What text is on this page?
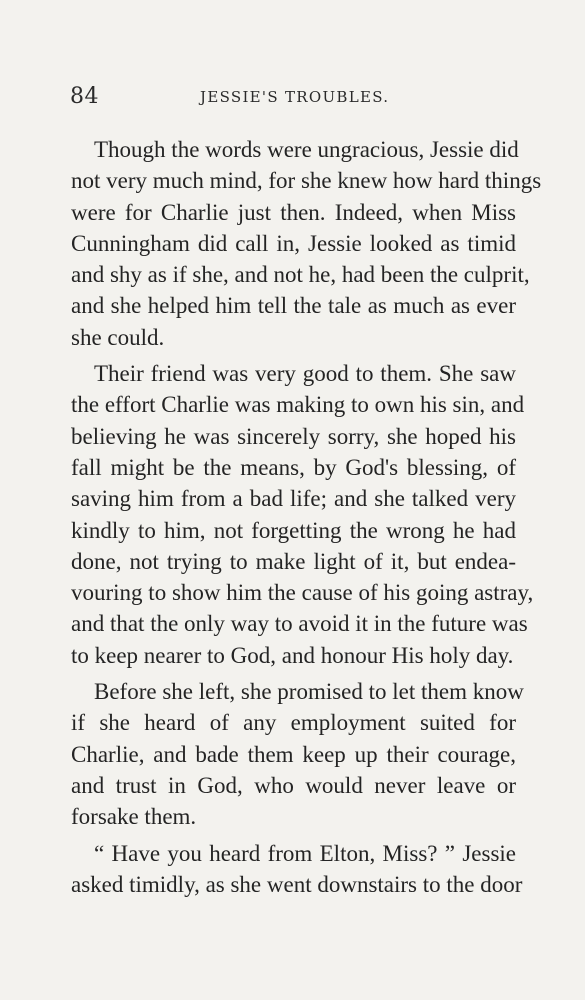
84	JESSIE'S TROUBLES.
Though the words were ungracious, Jessie did
not very much mind, for she knew how hard things
were for Charlie just then. Indeed, when Miss
Cunningham did call in, Jessie looked as timid
and shy as if she, and not he, had been the culprit,
and she helped him tell the tale as much as ever
she could.
Their friend was very good to them. She saw
the effort Charlie was making to own his sin, and
believing he was sincerely sorry, she hoped his
fall might be the means, by God's blessing, of
saving him from a bad life; and she talked very
kindly to him, not forgetting the wrong he had
done, not trying to make light of it, but endea-
vouring to show him the cause of his going astray,
and that the only way to avoid it in the future was
to keep nearer to God, and honour His holy day.
Before she left, she promised to let them know
if she heard of any employment suited for
Charlie, and bade them keep up their courage,
and trust in God, who would never leave or
forsake them.
“ Have you heard from Elton, Miss? ” Jessie
asked timidly, as she went downstairs to the door
